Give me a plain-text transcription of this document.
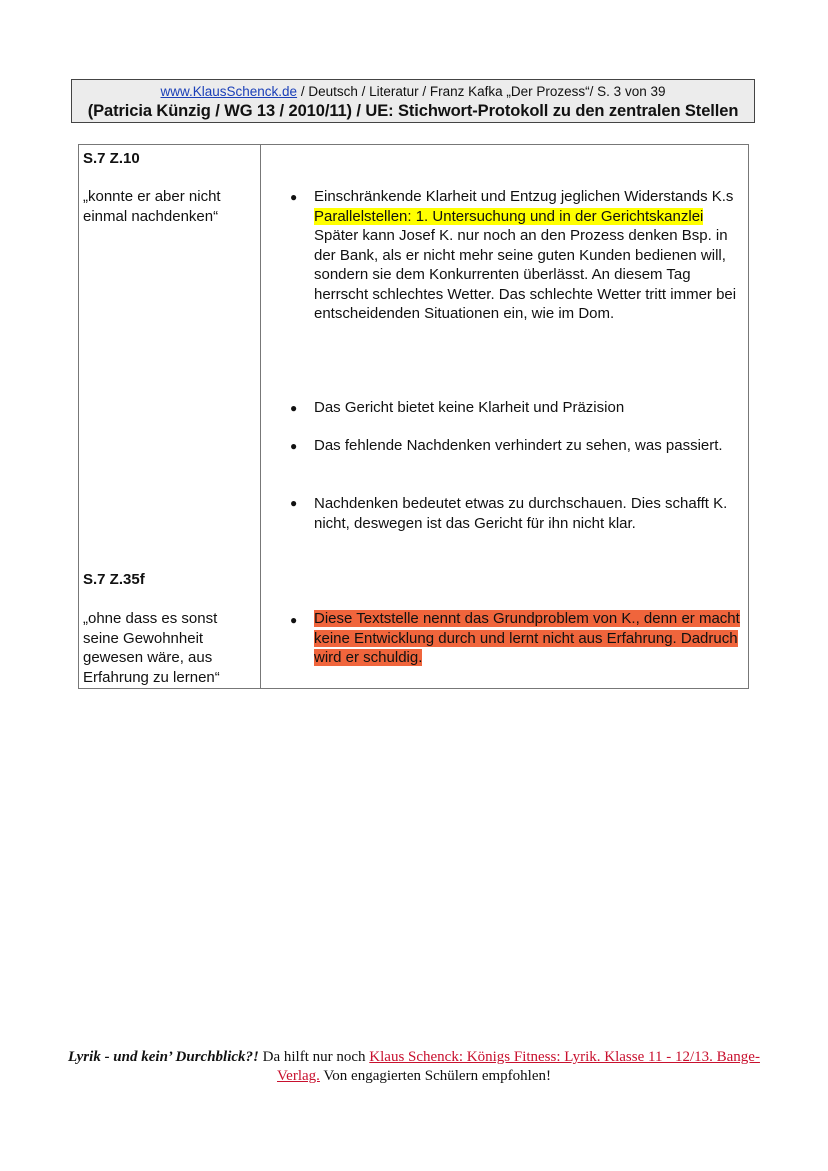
www.KlausSchenck.de / Deutsch / Literatur / Franz Kafka „Der Prozess“/ S. 3 von 39
(Patricia Künzig / WG 13 / 2010/11) / UE: Stichwort-Protokoll zu den zentralen Stellen

S.7 Z.10
„konnte er aber nicht einmal nachdenken“
● Einschränkende Klarheit und Entzug jeglichen Widerstands K.s
Parallelstellen: 1. Untersuchung und in der Gerichtskanzlei
Später kann Josef K. nur noch an den Prozess denken Bsp. in der Bank, als er nicht mehr seine guten Kunden bedienen will, sondern sie dem Konkurrenten überlässt. An diesem Tag herrscht schlechtes Wetter. Das schlechte Wetter tritt immer bei entscheidenden Situationen ein, wie im Dom.
● Das Gericht bietet keine Klarheit und Präzision
● Das fehlende Nachdenken verhindert zu sehen, was passiert.
● Nachdenken bedeutet etwas zu durchschauen. Dies schafft K. nicht, deswegen ist das Gericht für ihn nicht klar.
S.7 Z.35f
„ohne dass es sonst seine Gewohnheit gewesen wäre, aus Erfahrung zu lernen“
● Diese Textstelle nennt das Grundproblem von K., denn er macht keine Entwicklung durch und lernt nicht aus Erfahrung. Dadruch wird er schuldig.
Lyrik - und kein’ Durchblick?! Da hilft nur noch Klaus Schenck: Königs Fitness: Lyrik. Klasse 11 - 12/13. Bange-Verlag. Von engagierten Schülern empfohlen!
